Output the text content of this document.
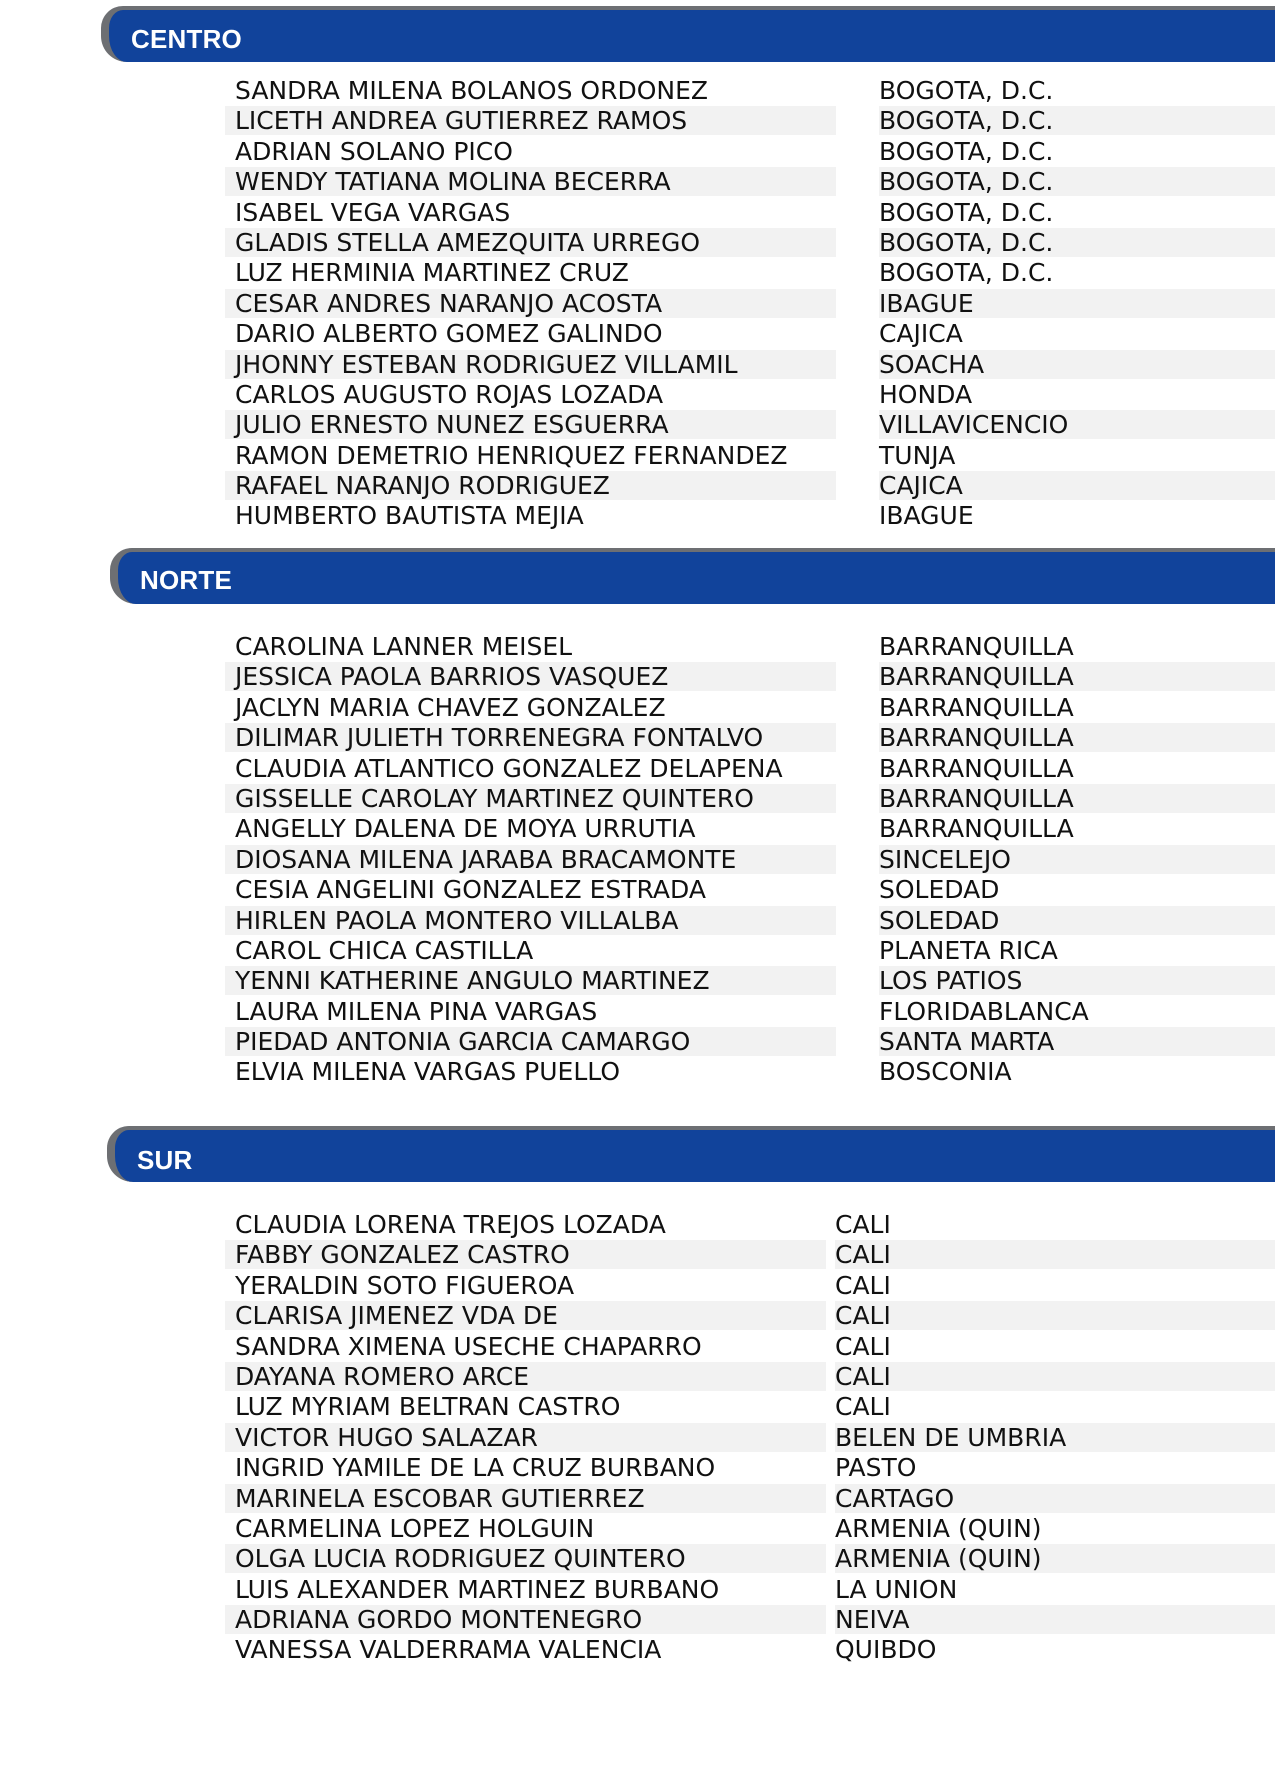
CENTRO
SANDRA MILENA BOLANOS ORDONEZ	BOGOTA, D.C.
LICETH ANDREA GUTIERREZ RAMOS	BOGOTA, D.C.
ADRIAN SOLANO PICO	BOGOTA, D.C.
WENDY TATIANA MOLINA BECERRA	BOGOTA, D.C.
ISABEL VEGA VARGAS	BOGOTA, D.C.
GLADIS STELLA AMEZQUITA URREGO	BOGOTA, D.C.
LUZ HERMINIA MARTINEZ CRUZ	BOGOTA, D.C.
CESAR ANDRES NARANJO ACOSTA	IBAGUE
DARIO ALBERTO GOMEZ GALINDO	CAJICA
JHONNY ESTEBAN RODRIGUEZ VILLAMIL	SOACHA
CARLOS AUGUSTO ROJAS LOZADA	HONDA
JULIO ERNESTO NUNEZ ESGUERRA	VILLAVICENCIO
RAMON DEMETRIO HENRIQUEZ FERNANDEZ	TUNJA
RAFAEL NARANJO RODRIGUEZ	CAJICA
HUMBERTO BAUTISTA MEJIA	IBAGUE
NORTE
CAROLINA LANNER MEISEL	BARRANQUILLA
JESSICA PAOLA BARRIOS VASQUEZ	BARRANQUILLA
JACLYN MARIA CHAVEZ GONZALEZ	BARRANQUILLA
DILIMAR JULIETH TORRENEGRA FONTALVO	BARRANQUILLA
CLAUDIA ATLANTICO GONZALEZ DELAPENA	BARRANQUILLA
GISSELLE CAROLAY MARTINEZ QUINTERO	BARRANQUILLA
ANGELLY DALENA DE MOYA URRUTIA	BARRANQUILLA
DIOSANA MILENA JARABA BRACAMONTE	SINCELEJO
CESIA ANGELINI GONZALEZ ESTRADA	SOLEDAD
HIRLEN PAOLA MONTERO VILLALBA	SOLEDAD
CAROL CHICA CASTILLA	PLANETA RICA
YENNI KATHERINE ANGULO MARTINEZ	LOS PATIOS
LAURA MILENA PINA VARGAS	FLORIDABLANCA
PIEDAD ANTONIA GARCIA CAMARGO	SANTA MARTA
ELVIA MILENA VARGAS PUELLO	BOSCONIA
SUR
CLAUDIA LORENA TREJOS LOZADA	CALI
FABBY GONZALEZ CASTRO	CALI
YERALDIN SOTO FIGUEROA	CALI
CLARISA JIMENEZ VDA DE	CALI
SANDRA XIMENA USECHE CHAPARRO	CALI
DAYANA ROMERO ARCE	CALI
LUZ MYRIAM BELTRAN CASTRO	CALI
VICTOR HUGO SALAZAR	BELEN DE UMBRIA
INGRID YAMILE DE LA CRUZ BURBANO	PASTO
MARINELA ESCOBAR GUTIERREZ	CARTAGO
CARMELINA LOPEZ HOLGUIN	ARMENIA (QUIN)
OLGA LUCIA RODRIGUEZ QUINTERO	ARMENIA (QUIN)
LUIS ALEXANDER MARTINEZ BURBANO	LA UNION
ADRIANA GORDO MONTENEGRO	NEIVA
VANESSA VALDERRAMA VALENCIA	QUIBDO
